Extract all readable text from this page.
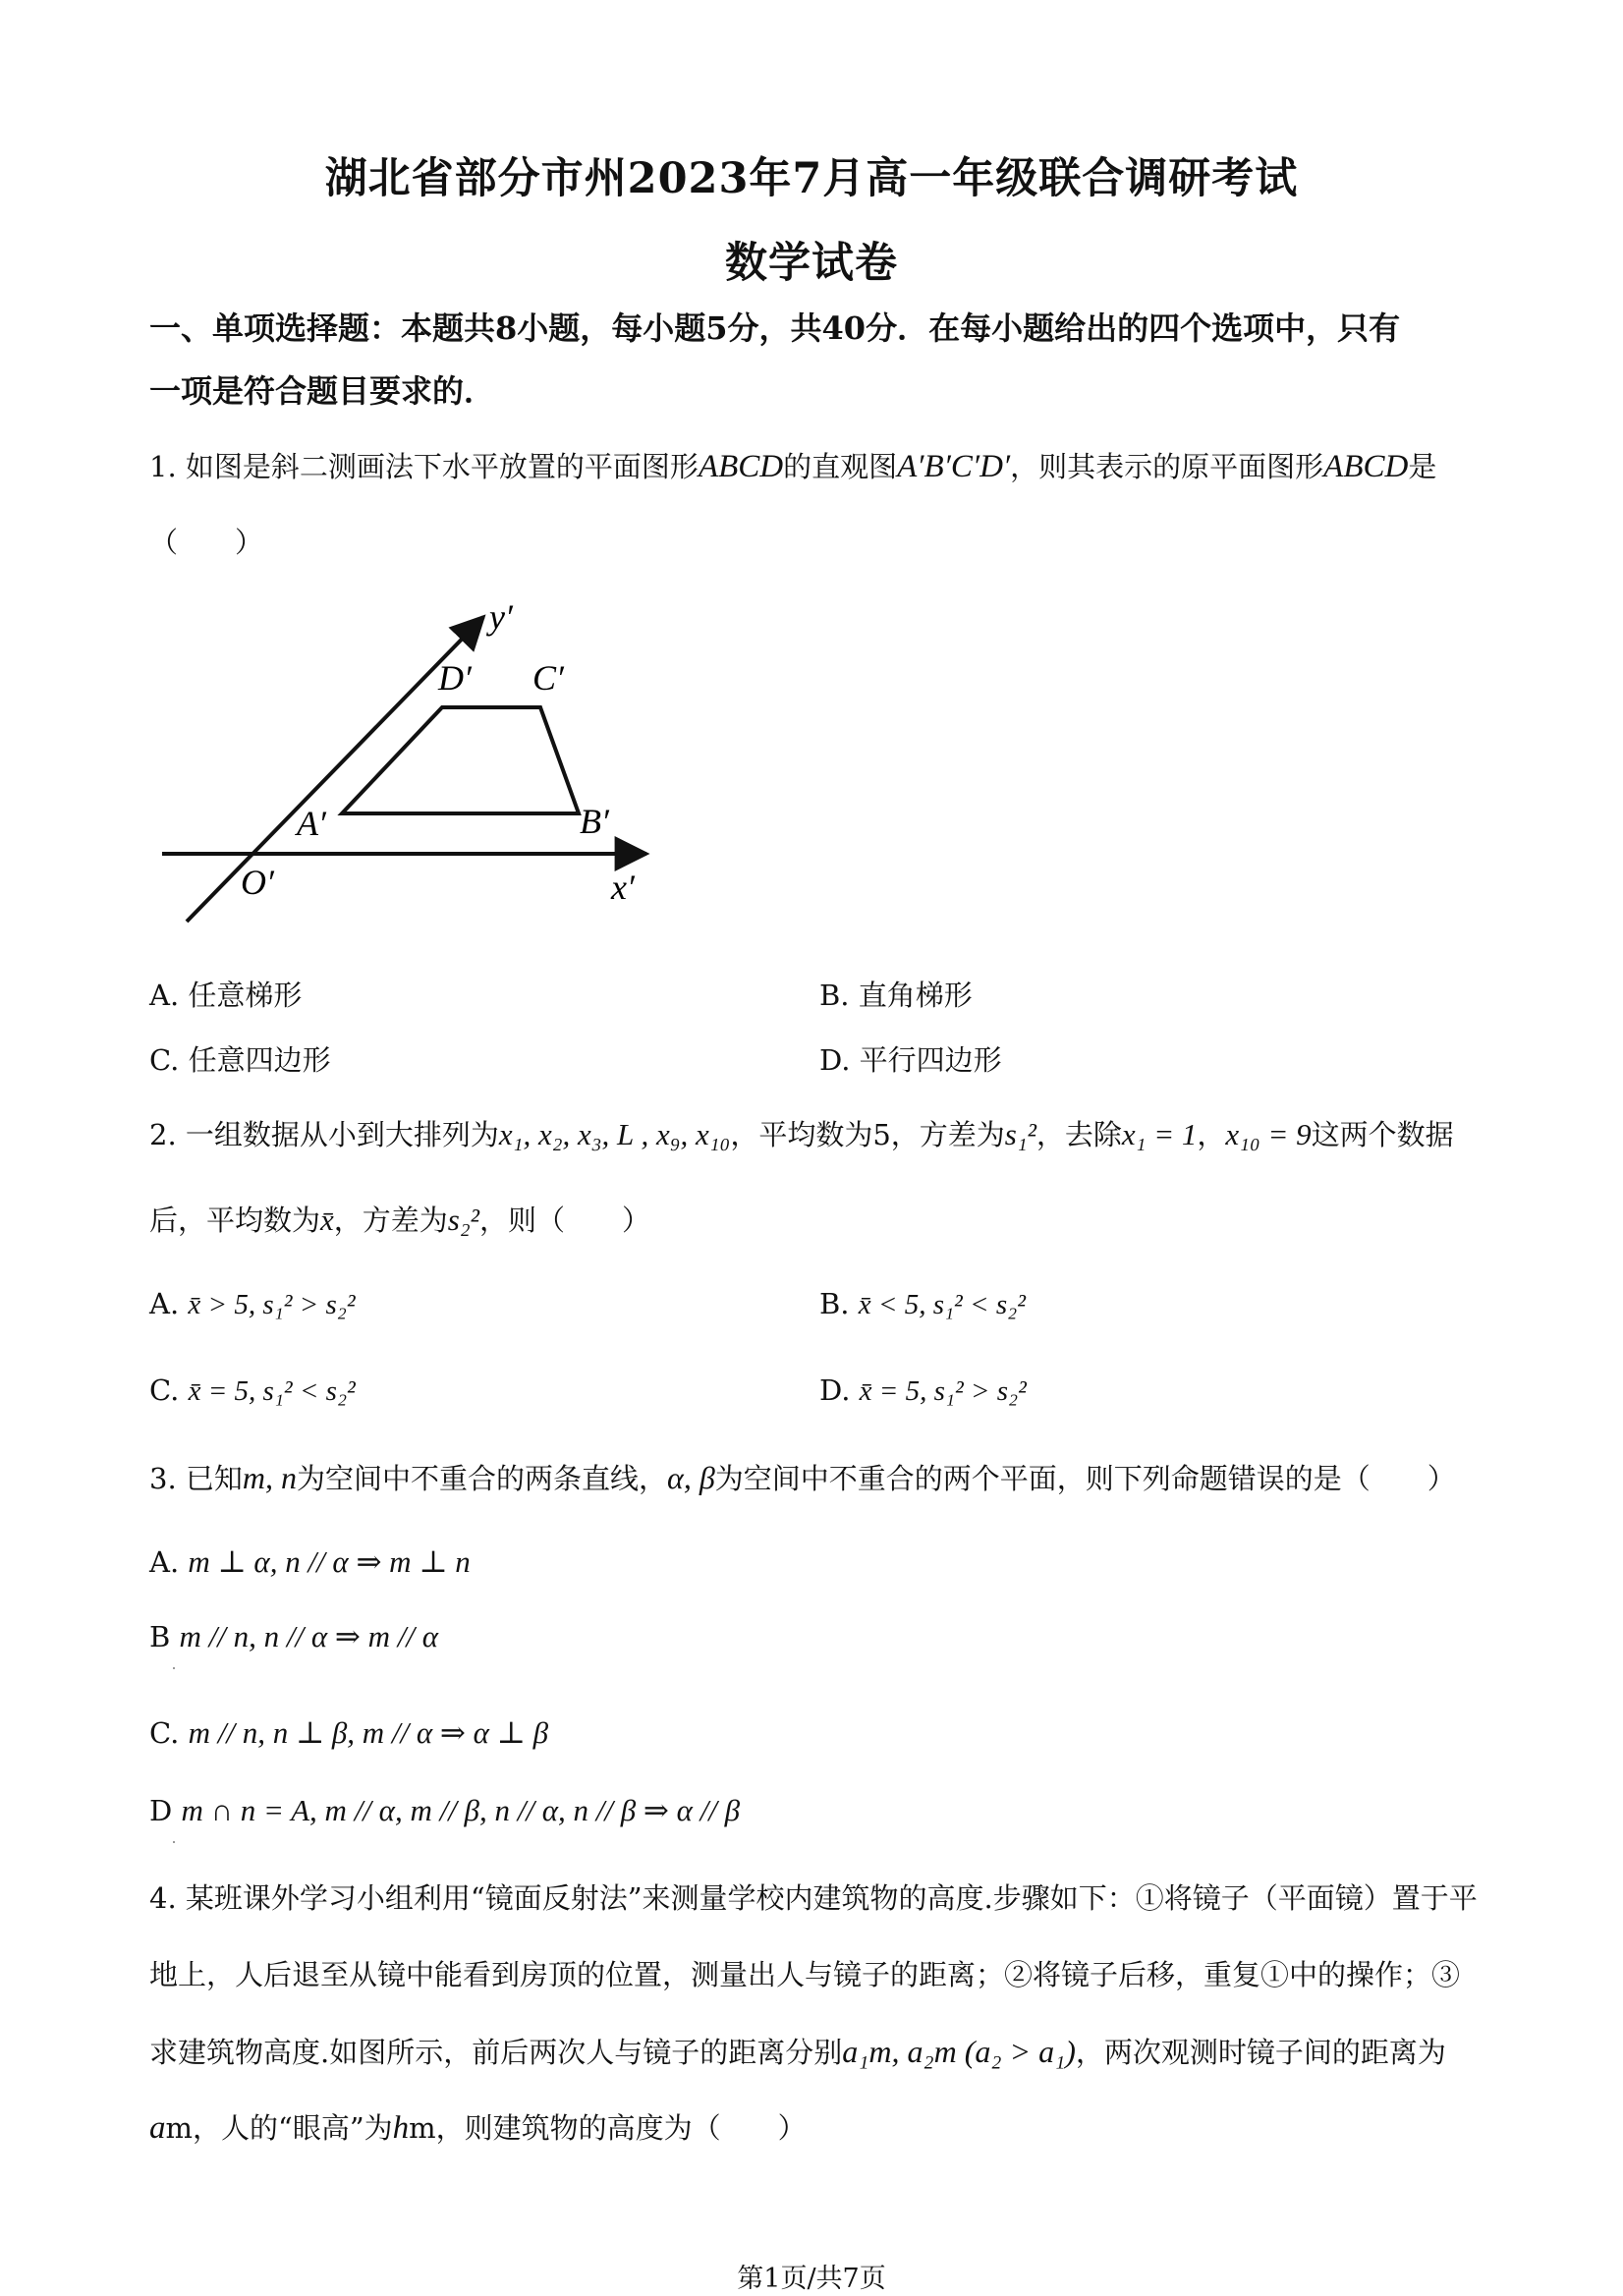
湖北省部分市州2023年7月高一年级联合调研考试
数学试卷
一、单项选择题：本题共8小题，每小题5分，共40分．在每小题给出的四个选项中，只有
一项是符合题目要求的．
1. 如图是斜二测画法下水平放置的平面图形ABCD的直观图A′B′C′D′，则其表示的原平面图形ABCD是
（　　）
y′
x′
O′
A′	B′
C′
D′
A. 任意梯形	B. 直角梯形
C. 任意四边形	D. 平行四边形
2. 一组数据从小到大排列为x₁, x₂, x₃, L , x₉, x₁₀，平均数为5，方差为s₁²，去除x₁ = 1，x₁₀ = 9这两个数据
后，平均数为x̄，方差为s₂²，则（　　）
A. x̄ > 5, s₁² > s₂²	B. x̄ < 5, s₁² < s₂²
C. x̄ = 5, s₁² < s₂²	D. x̄ = 5, s₁² > s₂²
3. 已知m, n为空间中不重合的两条直线，α, β为空间中不重合的两个平面，则下列命题错误的是（　　）
A. m ⊥ α, n // α ⇒ m ⊥ n
B m // n, n // α ⇒ m // α
C. m // n, n ⊥ β, m // α ⇒ α ⊥ β
D m ∩ n = A, m // α, m // β, n // α, n // β ⇒ α // β
4. 某班课外学习小组利用“镜面反射法”来测量学校内建筑物的高度.步骤如下：①将镜子（平面镜）置于平
地上，人后退至从镜中能看到房顶的位置，测量出人与镜子的距离；②将镜子后移，重复①中的操作；③
求建筑物高度.如图所示，前后两次人与镜子的距离分别a₁m, a₂m (a₂ > a₁)，两次观测时镜子间的距离为
am，人的“眼高”为hm，则建筑物的高度为（　　）
第1页/共7页
